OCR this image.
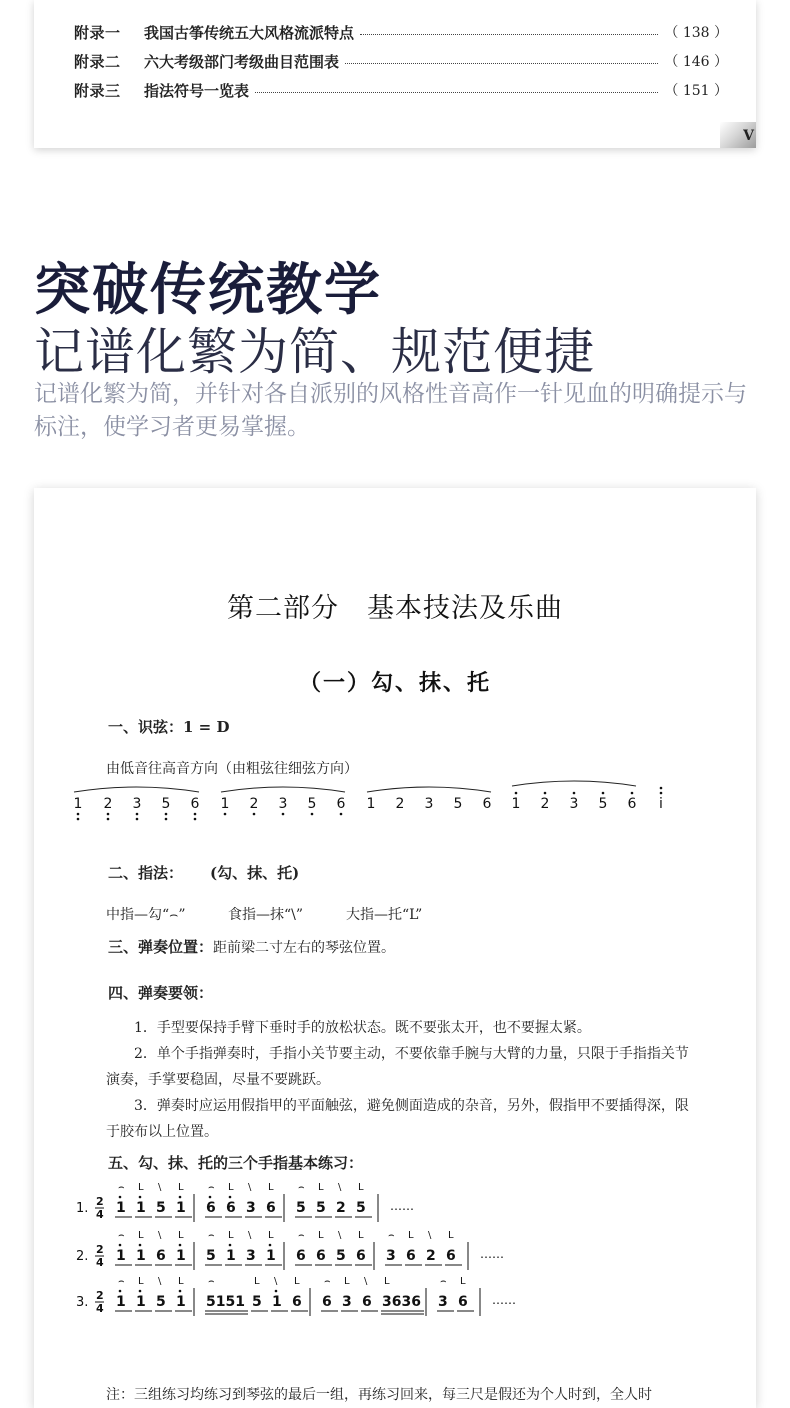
附录一	我国古筝传统五大风格流派特点	（ 138 ）
附录二	六大考级部门考级曲目范围表	（ 146 ）
附录三	指法符号一览表	（ 151 ）
V
突破传统教学
记谱化繁为简、规范便捷
记谱化繁为简，并针对各自派别的风格性音高作一针见血的明确提示与标注，使学习者更易掌握。
第二部分　基本技法及乐曲
（一）勾、抹、托
一、识弦：1 = D
由低音往高音方向（由粗弦往细弦方向）
1 2 3 5 6 1 2 3 5 6 1 2 3 5 6 1 2 3 5 6 i
二、指法： (勾、抹、托)
中指—勾“⌢”	食指—抹“\”	大指—托“L”
三、弹奏位置：距前梁二寸左右的琴弦位置。
四、弹奏要领：
1．手型要保持手臂下垂时手的放松状态。既不要张太开，也不要握太紧。
2．单个手指弹奏时，手指小关节要主动，不要依靠手腕与大臂的力量，只限于手指指关节
演奏，手掌要稳固，尽量不要跳跃。
3．弹奏时应运用假指甲的平面触弦，避免侧面造成的杂音，另外，假指甲不要插得深，限
于胶布以上位置。
五、勾、抹、托的三个手指基本练习：
1. 2
4 1
⌢
1
L
5
\
1
L
6
⌢
6
L
3
\
6
L
5
⌢
5
L
2
\
5
L
……
2. 2
4 1
⌢
1
L
6
\
1
L
5
⌢
1
L
3
\
1
L
6
⌢
6
L
5
\
6
L
3
⌢
6
L
2
\
6
L
……
3. 2
4 1
⌢
1
L
5
\
1
L
5151
⌢
5
L
1
\
6
L
6
⌢
3
L
6
\
3636
L
3
⌢
6
L
……
注：三组练习均练习到琴弦的最后一组，再练习回来，每三尺是假还为个人时到，全人时
